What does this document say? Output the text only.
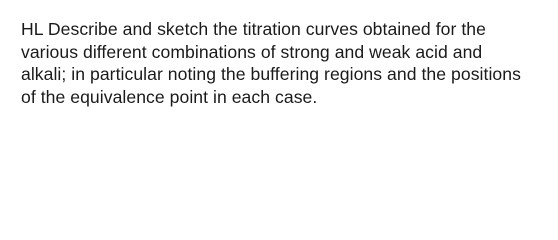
HL Describe and sketch the titration curves obtained for the
various different combinations of strong and weak acid and
alkali; in particular noting the buffering regions and the positions
of the equivalence point in each case.
